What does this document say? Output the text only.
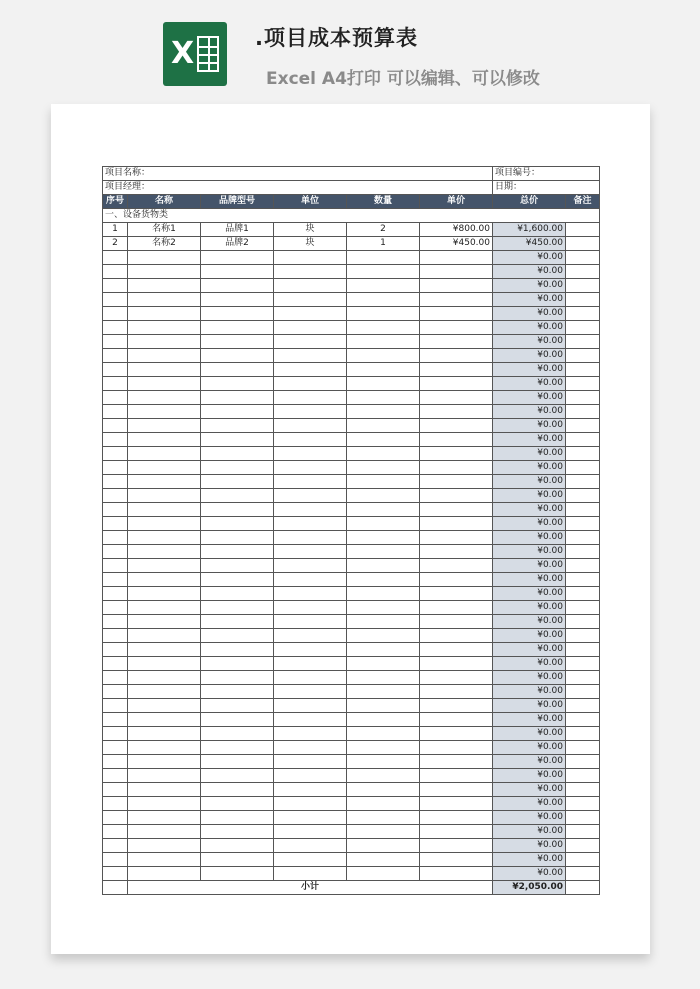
X	.项目成本预算表
Excel A4打印 可以编辑、可以修改
项目名称：						项目编号：	
项目经理：						日期：	
序号	名称	品牌型号	单位	数量	单价	总价	备注
一、设备货物类							
1	名称1	品牌1	块	2	¥800.00	¥1,600.00	
2	名称2	品牌2	块	1	¥450.00	¥450.00	
						¥0.00	
						¥0.00	
						¥0.00	
						¥0.00	
						¥0.00	
						¥0.00	
						¥0.00	
						¥0.00	
						¥0.00	
						¥0.00	
						¥0.00	
						¥0.00	
						¥0.00	
						¥0.00	
						¥0.00	
						¥0.00	
						¥0.00	
						¥0.00	
						¥0.00	
						¥0.00	
						¥0.00	
						¥0.00	
						¥0.00	
						¥0.00	
						¥0.00	
						¥0.00	
						¥0.00	
						¥0.00	
						¥0.00	
						¥0.00	
						¥0.00	
						¥0.00	
						¥0.00	
						¥0.00	
						¥0.00	
						¥0.00	
						¥0.00	
						¥0.00	
						¥0.00	
						¥0.00	
						¥0.00	
						¥0.00	
						¥0.00	
						¥0.00	
						¥0.00	
	小计					¥2,050.00	
